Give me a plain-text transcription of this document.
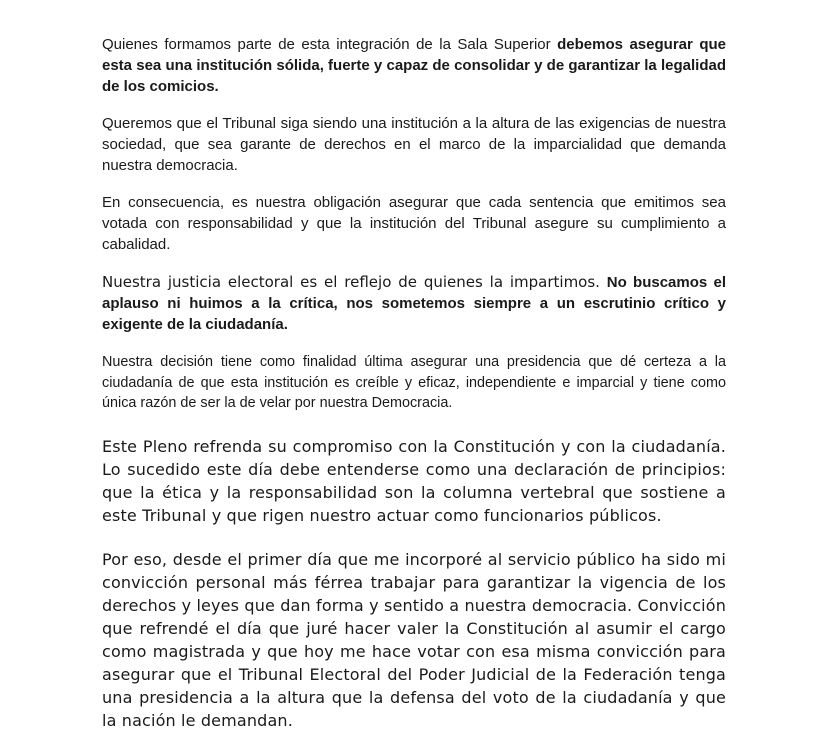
Quienes formamos parte de esta integración de la Sala Superior debemos asegurar que esta sea una institución sólida, fuerte y capaz de consolidar y de garantizar la legalidad de los comicios.

Queremos que el Tribunal siga siendo una institución a la altura de las exigencias de nuestra sociedad, que sea garante de derechos en el marco de la imparcialidad que demanda nuestra democracia.

En consecuencia, es nuestra obligación asegurar que cada sentencia que emitimos sea votada con responsabilidad y que la institución del Tribunal asegure su cumplimiento a cabalidad.

Nuestra justicia electoral es el reflejo de quienes la impartimos. No buscamos el aplauso ni huimos a la crítica, nos sometemos siempre a un escrutinio crítico y exigente de la ciudadanía.

Nuestra decisión tiene como finalidad última asegurar una presidencia que dé certeza a la ciudadanía de que esta institución es creíble y eficaz, independiente e imparcial y tiene como única razón de ser la de velar por nuestra Democracia.

Este Pleno refrenda su compromiso con la Constitución y con la ciudadanía. Lo sucedido este día debe entenderse como una declaración de principios: que la ética y la responsabilidad son la columna vertebral que sostiene a este Tribunal y que rigen nuestro actuar como funcionarios públicos.

Por eso, desde el primer día que me incorporé al servicio público ha sido mi convicción personal más férrea trabajar para garantizar la vigencia de los derechos y leyes que dan forma y sentido a nuestra democracia. Convicción que refrendé el día que juré hacer valer la Constitución al asumir el cargo como magistrada y que hoy me hace votar con esa misma convicción para asegurar que el Tribunal Electoral del Poder Judicial de la Federación tenga una presidencia a la altura que la defensa del voto de la ciudadanía y que la nación le demandan.
